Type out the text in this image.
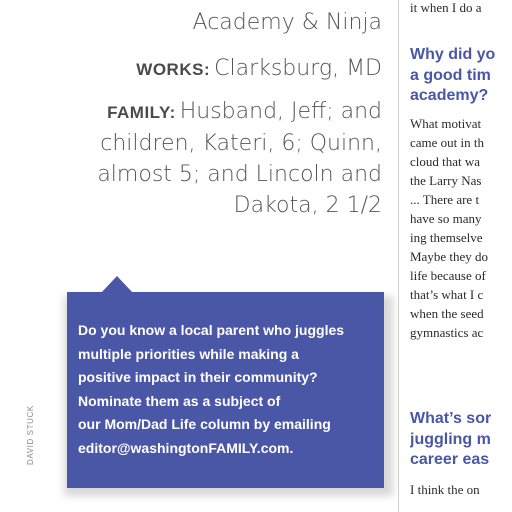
Academy & Ninja
WORKS: Clarksburg, MD
FAMILY: Husband, Jeff; and children, Kateri, 6; Quinn, almost 5; and Lincoln and Dakota, 2 1/2
Do you know a local parent who juggles
multiple priorities while making a
positive impact in their community?
Nominate them as a subject of
our Mom/Dad Life column by emailing
editor@washingtonFAMILY.com.
DAVID STUCK

it when I do a

Why did yo
a good tim
academy?
What motivat
came out in th
cloud that wa
the Larry Nas
... There are t
have so many
ing themselve
Maybe they do
life because of
that’s what I c
when the seed
gymnastics ac
What’s sor
juggling m
career eas
I think the on
